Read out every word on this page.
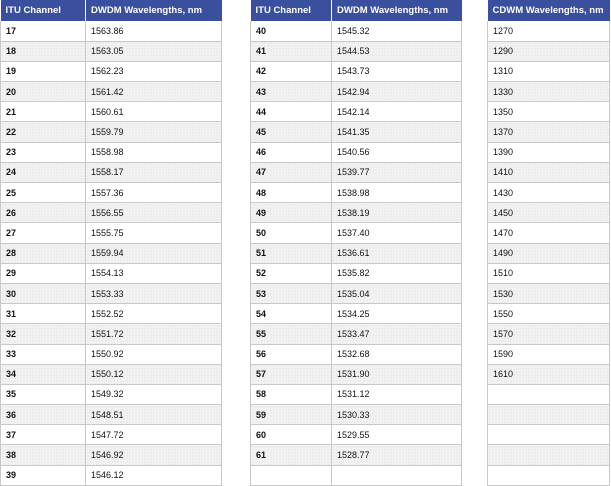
ITU Channel	DWDM Wavelengths, nm
17	1563.86
18	1563.05
19	1562.23
20	1561.42
21	1560.61
22	1559.79
23	1558.98
24	1558.17
25	1557.36
26	1556.55
27	1555.75
28	1559.94
29	1554.13
30	1553.33
31	1552.52
32	1551.72
33	1550.92
34	1550.12
35	1549.32
36	1548.51
37	1547.72
38	1546.92
39	1546.12
ITU Channel	DWDM Wavelengths, nm
40	1545.32
41	1544.53
42	1543.73
43	1542.94
44	1542.14
45	1541.35
46	1540.56
47	1539.77
48	1538.98
49	1538.19
50	1537.40
51	1536.61
52	1535.82
53	1535.04
54	1534.25
55	1533.47
56	1532.68
57	1531.90
58	1531.12
59	1530.33
60	1529.55
61	1528.77

CDWM Wavelengths, nm
1270
1290
1310
1330
1350
1370
1390
1410
1430
1450
1470
1490
1510
1530
1550
1570
1590
1610
